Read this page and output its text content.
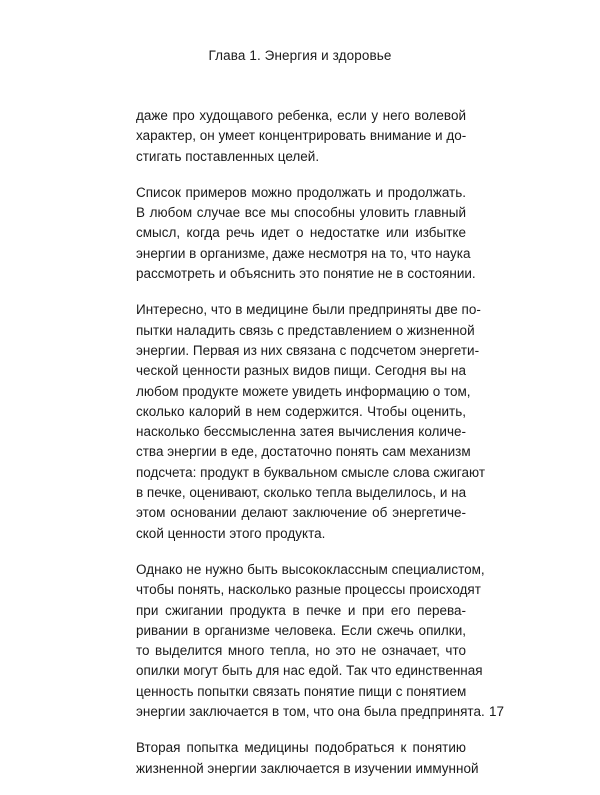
Глава 1. Энергия и здоровье

даже про худощавого ребенка, если у него волевой
характер, он умеет концентрировать внимание и до-
стигать поставленных целей.

Список примеров можно продолжать и продолжать.
В любом случае все мы способны уловить главный
смысл, когда речь идет о недостатке или избытке
энергии в организме, даже несмотря на то, что наука
рассмотреть и объяснить это понятие не в состоянии.

Интересно, что в медицине были предприняты две по-
пытки наладить связь с представлением о жизненной
энергии. Первая из них связана с подсчетом энергети-
ческой ценности разных видов пищи. Сегодня вы на
любом продукте можете увидеть информацию о том,
сколько калорий в нем содержится. Чтобы оценить,
насколько бессмысленна затея вычисления количе-
ства энергии в еде, достаточно понять сам механизм
подсчета: продукт в буквальном смысле слова сжигают
в печке, оценивают, сколько тепла выделилось, и на
этом основании делают заключение об энергетиче-
ской ценности этого продукта.

Однако не нужно быть высококлассным специалистом,
чтобы понять, насколько разные процессы происходят
при сжигании продукта в печке и при его перева-
ривании в организме человека. Если сжечь опилки,
то выделится много тепла, но это не означает, что
опилки могут быть для нас едой. Так что единственная
ценность попытки связать понятие пищи с понятием
энергии заключается в том, что она была предпринята.

Вторая попытка медицины подобраться к понятию
жизненной энергии заключается в изучении иммунной

17
